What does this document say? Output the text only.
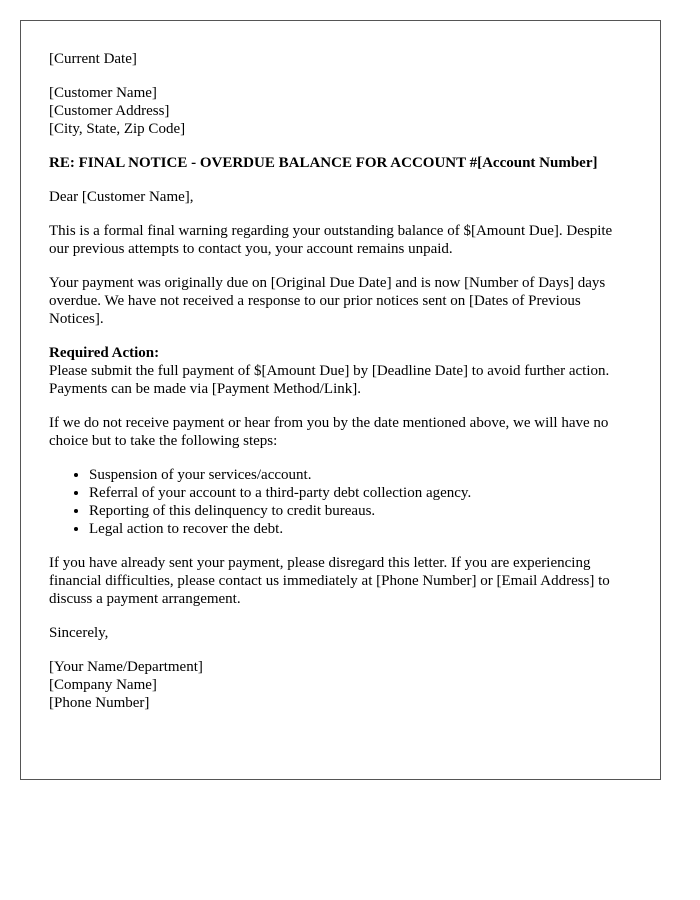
[Current Date]
[Customer Name]
[Customer Address]
[City, State, Zip Code]
RE: FINAL NOTICE - OVERDUE BALANCE FOR ACCOUNT #[Account Number]
Dear [Customer Name],
This is a formal final warning regarding your outstanding balance of $[Amount Due]. Despite our previous attempts to contact you, your account remains unpaid.
Your payment was originally due on [Original Due Date] and is now [Number of Days] days overdue. We have not received a response to our prior notices sent on [Dates of Previous Notices].
Required Action:
Please submit the full payment of $[Amount Due] by [Deadline Date] to avoid further action. Payments can be made via [Payment Method/Link].
If we do not receive payment or hear from you by the date mentioned above, we will have no choice but to take the following steps:
• Suspension of your services/account.
• Referral of your account to a third-party debt collection agency.
• Reporting of this delinquency to credit bureaus.
• Legal action to recover the debt.
If you have already sent your payment, please disregard this letter. If you are experiencing financial difficulties, please contact us immediately at [Phone Number] or [Email Address] to discuss a payment arrangement.
Sincerely,
[Your Name/Department]
[Company Name]
[Phone Number]
